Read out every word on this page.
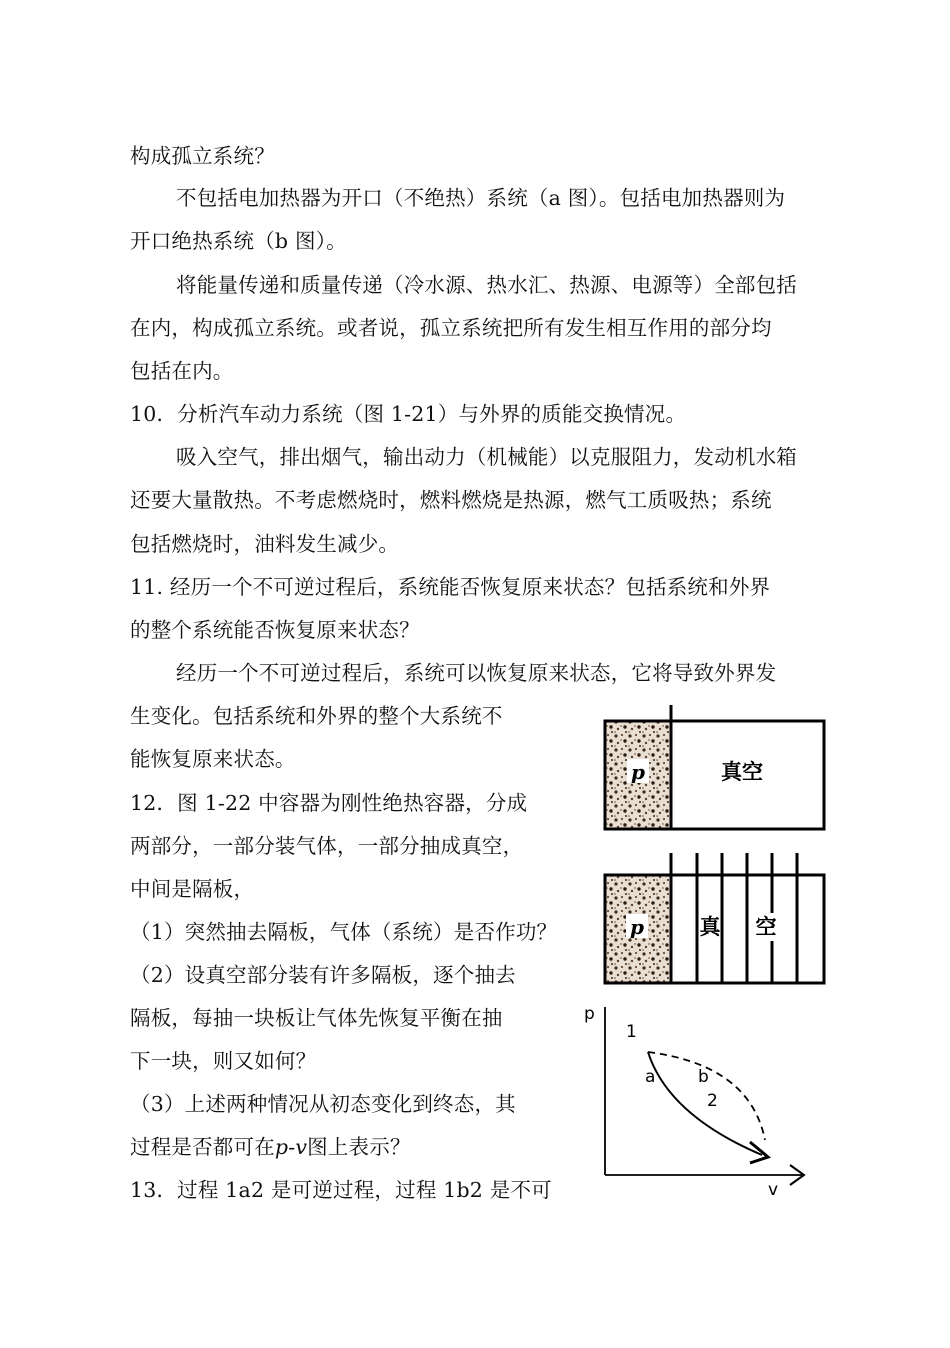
构成孤立系统？
不包括电加热器为开口（不绝热）系统（a 图）。包括电加热器则为
开口绝热系统（b 图）。
将能量传递和质量传递（冷水源、热水汇、热源、电源等）全部包括
在内，构成孤立系统。或者说，孤立系统把所有发生相互作用的部分均
包括在内。
10．分析汽车动力系统（图 1-21）与外界的质能交换情况。
吸入空气，排出烟气，输出动力（机械能）以克服阻力，发动机水箱
还要大量散热。不考虑燃烧时，燃料燃烧是热源，燃气工质吸热；系统
包括燃烧时，油料发生减少。
11. 经历一个不可逆过程后，系统能否恢复原来状态？包括系统和外界
的整个系统能否恢复原来状态？
经历一个不可逆过程后，系统可以恢复原来状态，它将导致外界发
生变化。包括系统和外界的整个大系统不
能恢复原来状态。
12．图 1-22 中容器为刚性绝热容器，分成
两部分，一部分装气体，一部分抽成真空，
中间是隔板，
（1）突然抽去隔板，气体（系统）是否作功？
（2）设真空部分装有许多隔板，逐个抽去
隔板，每抽一块板让气体先恢复平衡在抽
下一块，则又如何？
（3）上述两种情况从初态变化到终态，其
过程是否都可在p-v图上表示？
13．过程 1a2 是可逆过程，过程 1b2 是不可
p	真空
p	真 空
p
v
1
a	b
2
